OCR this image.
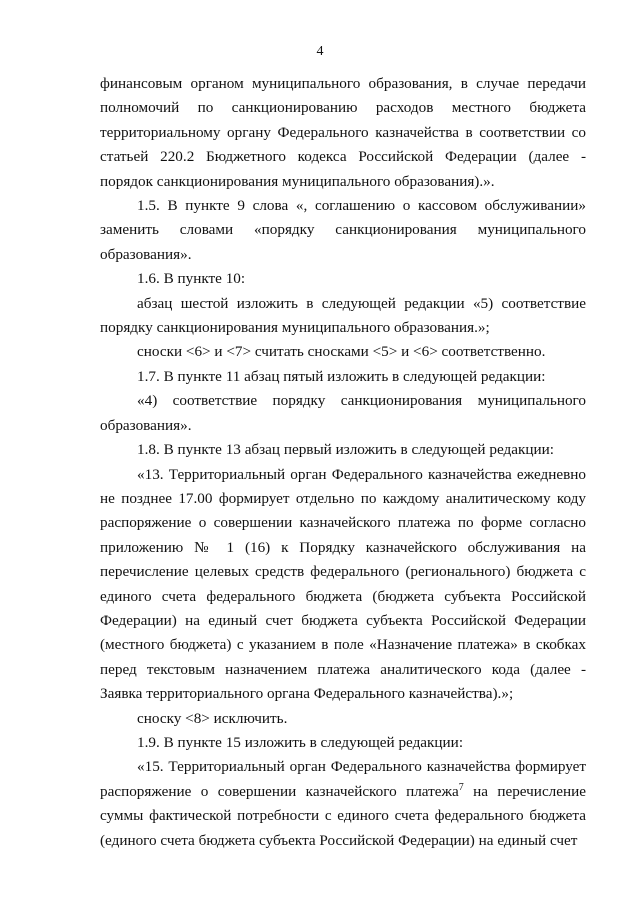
4

финансовым органом муниципального образования, в случае передачи полномочий по санкционированию расходов местного бюджета территориальному органу Федерального казначейства в соответствии со статьей 220.2 Бюджетного кодекса Российской Федерации (далее - порядок санкционирования муниципального образования).».

1.5. В пункте 9 слова «, соглашению о кассовом обслуживании» заменить словами «порядку санкционирования муниципального образования».

1.6. В пункте 10:

абзац шестой изложить в следующей редакции «5) соответствие порядку санкционирования муниципального образования.»;

сноски <6> и <7> считать сносками <5> и <6> соответственно.

1.7. В пункте 11 абзац пятый изложить в следующей редакции:

«4) соответствие порядку санкционирования муниципального образования».

1.8. В пункте 13 абзац первый изложить в следующей редакции:

«13. Территориальный орган Федерального казначейства ежедневно не позднее 17.00 формирует отдельно по каждому аналитическому коду распоряжение о совершении казначейского платежа по форме согласно приложению № 1 (16) к Порядку казначейского обслуживания на перечисление целевых средств федерального (регионального) бюджета с единого счета федерального бюджета (бюджета субъекта Российской Федерации) на единый счет бюджета субъекта Российской Федерации (местного бюджета) с указанием в поле «Назначение платежа» в скобках перед текстовым назначением платежа аналитического кода (далее - Заявка территориального органа Федерального казначейства).»;

сноску <8> исключить.

1.9. В пункте 15 изложить в следующей редакции:

«15. Территориальный орган Федерального казначейства формирует распоряжение о совершении казначейского платежа$^7$ на перечисление суммы фактической потребности с единого счета федерального бюджета (единого счета бюджета субъекта Российской Федерации) на единый счет
